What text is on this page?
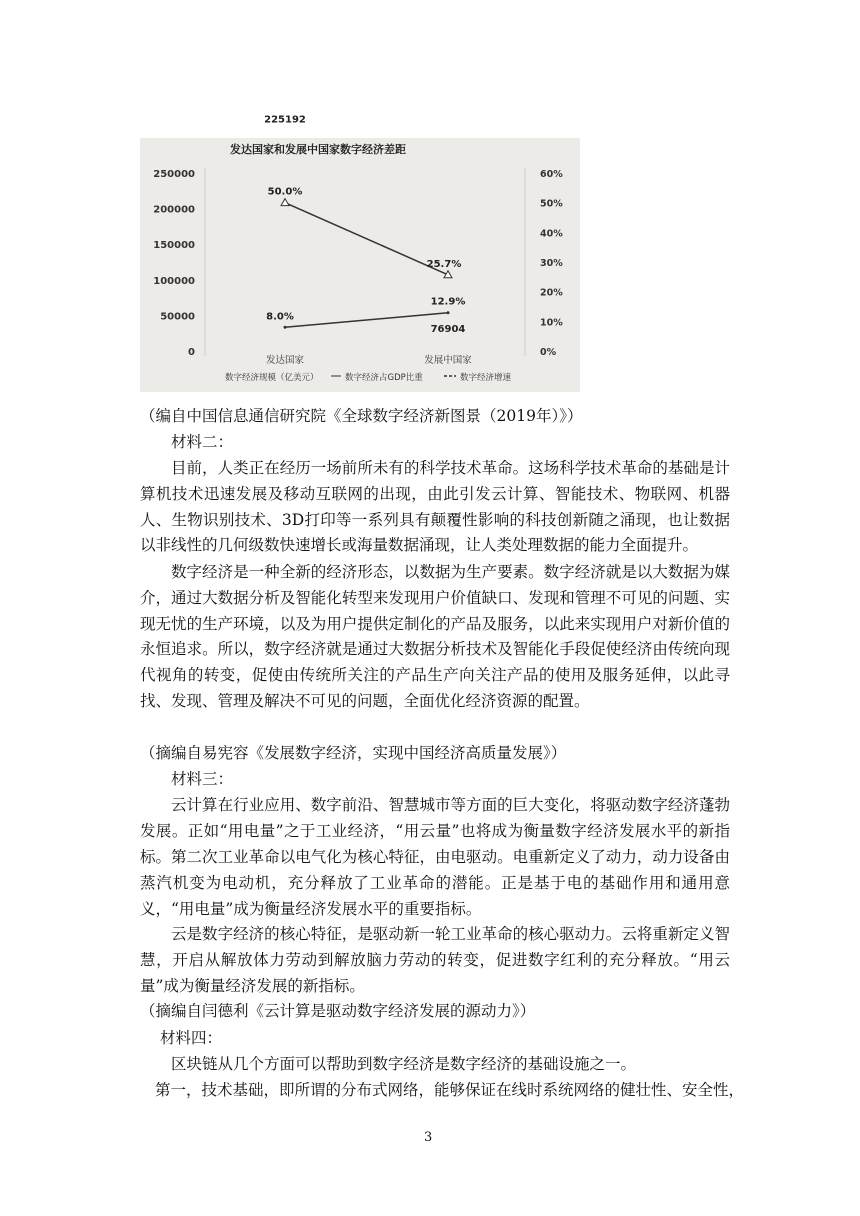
发达国家和发展中国家数字经济差距
250000
200000
150000
100000
50000
0
60%
50%
40%
30%
20%
10%
0%
225192
76904
50.0%
25.7%
8.0%
12.9%
发达国家	发展中国家
数字经济规模（亿美元）	数字经济占GDP比重	数字经济增速

（编自中国信息通信研究院《全球数字经济新图景（2019年）》）

材料二：

目前，人类正在经历一场前所未有的科学技术革命。这场科学技术革命的基础是计算机技术迅速发展及移动互联网的出现，由此引发云计算、智能技术、物联网、机器人、生物识别技术、3D打印等一系列具有颠覆性影响的科技创新随之涌现，也让数据以非线性的几何级数快速增长或海量数据涌现，让人类处理数据的能力全面提升。

数字经济是一种全新的经济形态，以数据为生产要素。数字经济就是以大数据为媒介，通过大数据分析及智能化转型来发现用户价值缺口、发现和管理不可见的问题、实现无忧的生产环境，以及为用户提供定制化的产品及服务，以此来实现用户对新价值的永恒追求。所以，数字经济就是通过大数据分析技术及智能化手段促使经济由传统向现代视角的转变，促使由传统所关注的产品生产向关注产品的使用及服务延伸，以此寻找、发现、管理及解决不可见的问题，全面优化经济资源的配置。

（摘编自易宪容《发展数字经济，实现中国经济高质量发展》）

材料三：

云计算在行业应用、数字前沿、智慧城市等方面的巨大变化，将驱动数字经济蓬勃发展。正如“用电量”之于工业经济，“用云量”也将成为衡量数字经济发展水平的新指标。 第二次工业革命以电气化为核心特征，由电驱动。电重新定义了动力，动力设备由蒸汽机变为电动机，充分释放了工业革命的潜能。正是基于电的基础作用和通用意义，“用电量”成为衡量经济发展水平的重要指标。

云是数字经济的核心特征，是驱动新一轮工业革命的核心驱动力。云将重新定义智慧，开启从解放体力劳动到解放脑力劳动的转变，促进数字红利的充分释放。“用云量”成为衡量经济发展的新指标。

（摘编自闫德利《云计算是驱动数字经济发展的源动力》）

材料四：

区块链从几个方面可以帮助到数字经济是数字经济的基础设施之一。

第一，技术基础，即所谓的分布式网络，能够保证在线时系统网络的健壮性、安全性，

3
